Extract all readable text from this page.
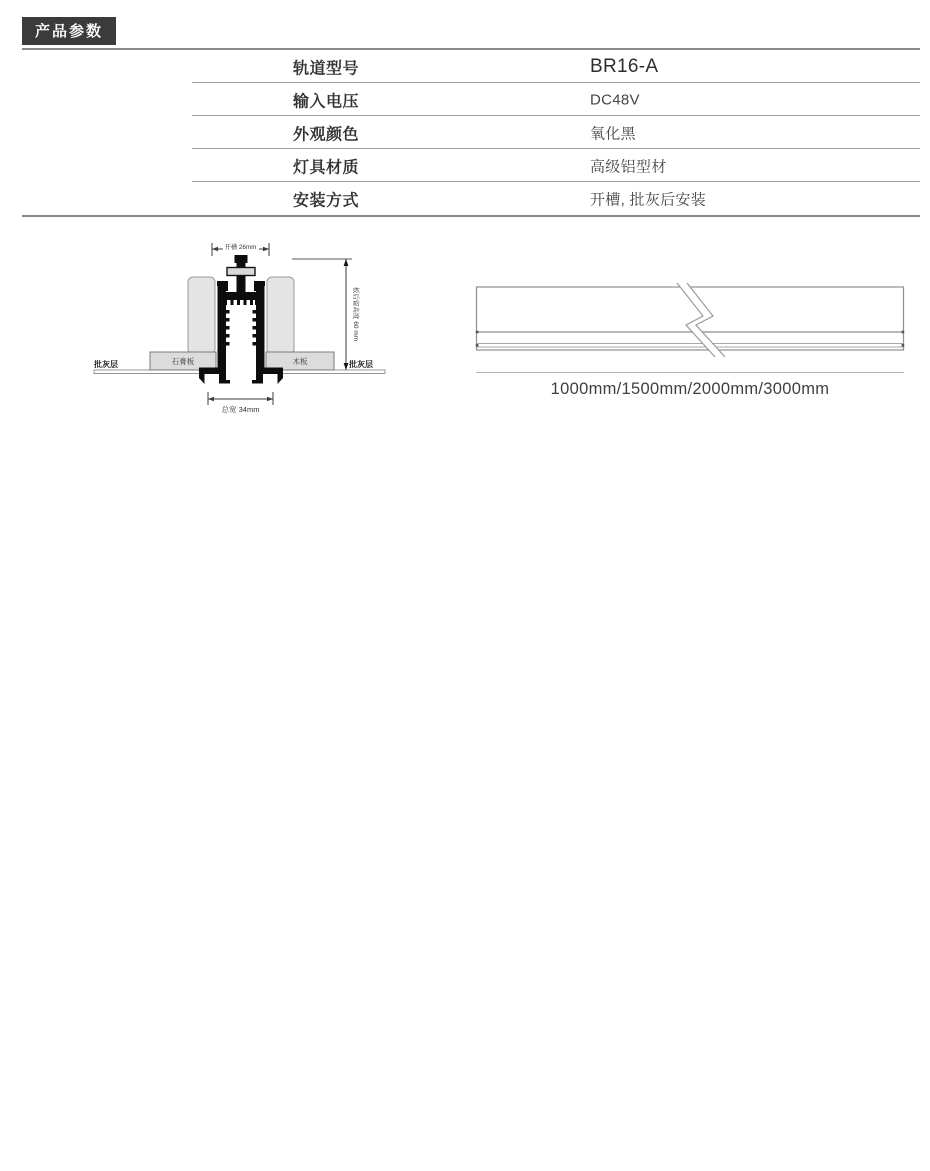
产品参数
轨道型号	BR16-A
输入电压	DC48V
外观颜色	氧化黑
灯具材质	高级铝型材
安装方式	开槽, 批灰后安装
石膏板	木板
开槽 26mm
板后留高度 60 mm
批灰层	批灰层
总宽 34mm
1000mm/1500mm/2000mm/3000mm
